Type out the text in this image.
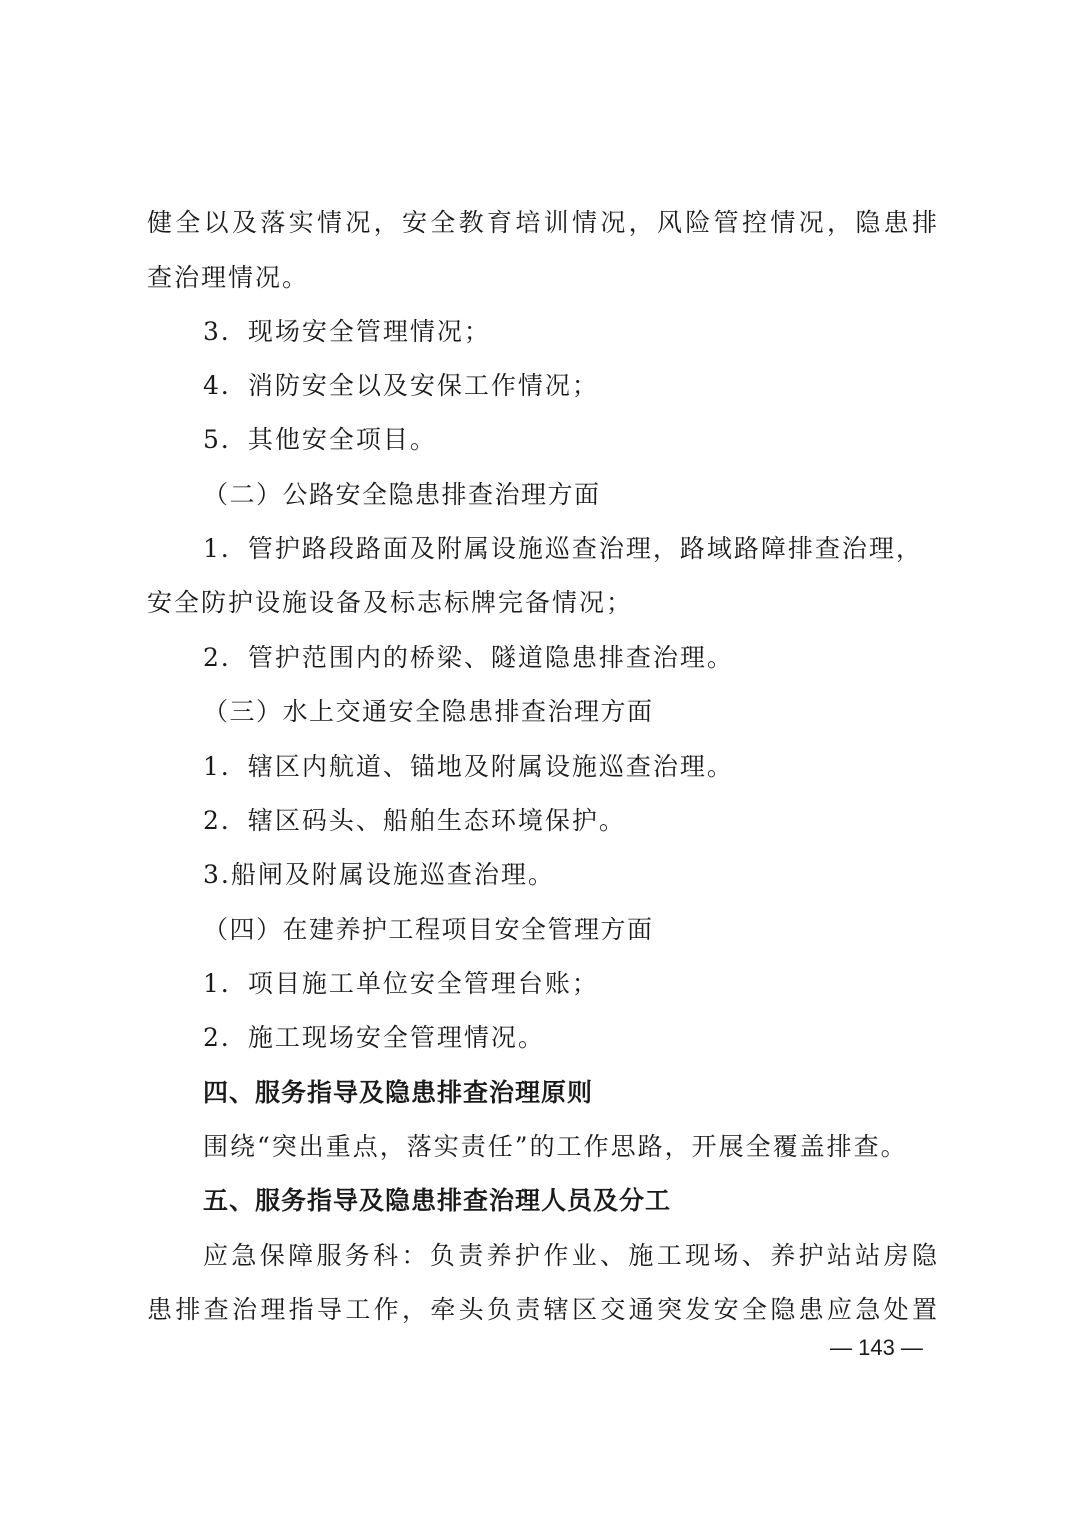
健全以及落实情况，安全教育培训情况，风险管控情况，隐患排
查治理情况。
3．现场安全管理情况；
4．消防安全以及安保工作情况；
5．其他安全项目。
（二）公路安全隐患排查治理方面
1．管护路段路面及附属设施巡查治理，路域路障排查治理，
安全防护设施设备及标志标牌完备情况；
2．管护范围内的桥梁、隧道隐患排查治理。
（三）水上交通安全隐患排查治理方面
1．辖区内航道、锚地及附属设施巡查治理。
2．辖区码头、船舶生态环境保护。
3.船闸及附属设施巡查治理。
（四）在建养护工程项目安全管理方面
1．项目施工单位安全管理台账；
2．施工现场安全管理情况。
四、服务指导及隐患排查治理原则
围绕“突出重点，落实责任”的工作思路，开展全覆盖排查。
五、服务指导及隐患排查治理人员及分工
应急保障服务科：负责养护作业、施工现场、养护站站房隐
患排查治理指导工作，牵头负责辖区交通突发安全隐患应急处置
— 143 —
